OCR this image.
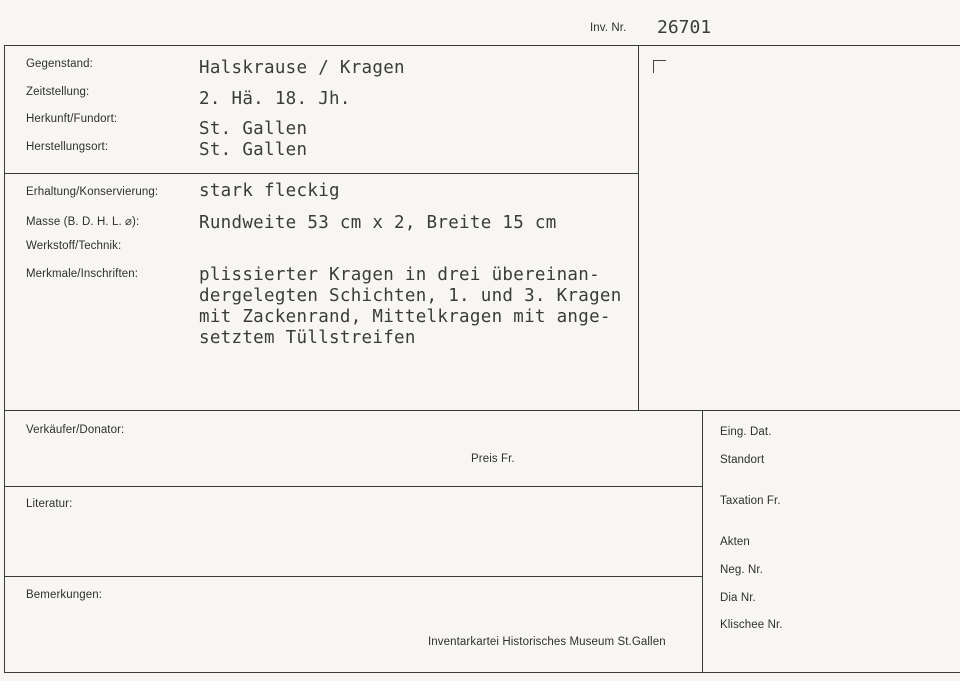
Inv. Nr. 26701
Gegenstand:	Halskrause / Kragen
Zeitstellung:	2. Hä. 18. Jh.
Herkunft/Fundort:	St. Gallen
Herstellungsort:	St. Gallen
Erhaltung/Konservierung: stark fleckig
Masse (B. D. H. L. ⌀):	Rundweite 53 cm x 2, Breite 15 cm
Werkstoff/Technik:
Merkmale/Inschriften:	plissierter Kragen in drei übereinan-
dergelegten Schichten, 1. und 3. Kragen
mit Zackenrand, Mittelkragen mit ange-
setztem Tüllstreifen
Verkäufer/Donator:
Preis Fr.
Literatur:
Bemerkungen:
Inventarkartei Historisches Museum St.Gallen
Eing. Dat.
Standort
Taxation Fr.
Akten
Neg. Nr.
Dia Nr.
Klischee Nr.
